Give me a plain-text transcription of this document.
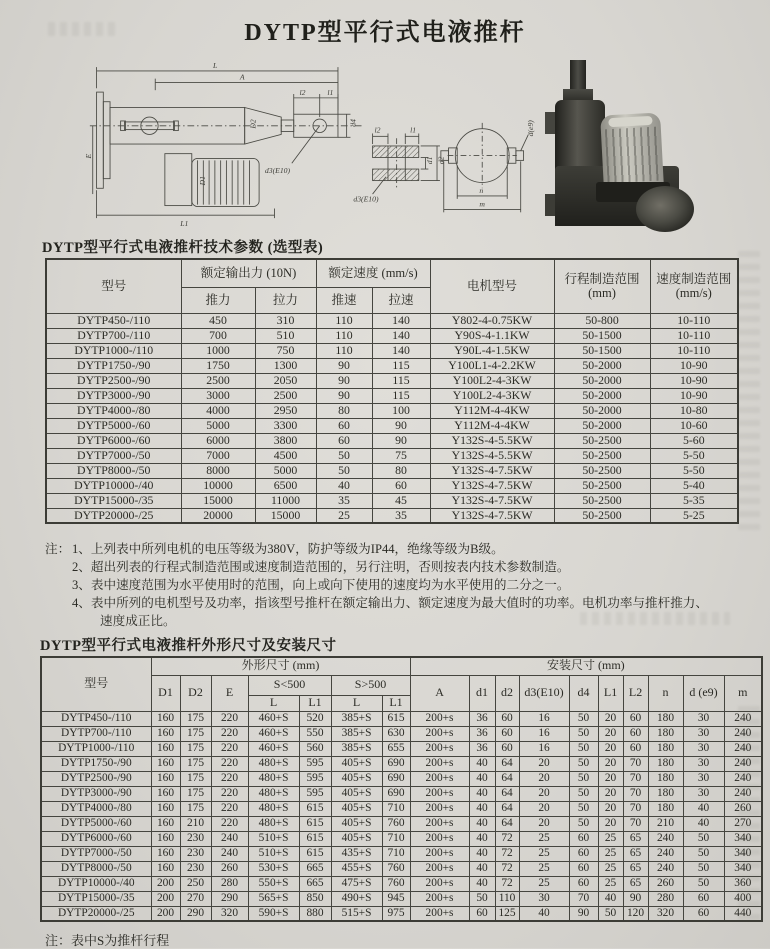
DYTP型平行式电液推杆
L
A
l2	l1
D2	d4
E
D1
L1
d3(E10)
l2	l1
d1 d2
d3(E10)
d(e9)
n
m
DYTP型平行式电液推杆技术参数 (选型表)
型号	额定输出力 (10N)		额定速度 (mm/s)		电机型号	行程制造范围
(mm)	速度制造范围
(mm/s)
	推力	拉力	推速	拉速			
DYTP450-/110	450	310	110	140	Y802-4-0.75KW	50-800	10-110
DYTP700-/110	700	510	110	140	Y90S-4-1.1KW	50-1500	10-110
DYTP1000-/110	1000	750	110	140	Y90L-4-1.5KW	50-1500	10-110
DYTP1750-/90	1750	1300	90	115	Y100L1-4-2.2KW	50-2000	10-90
DYTP2500-/90	2500	2050	90	115	Y100L2-4-3KW	50-2000	10-90
DYTP3000-/90	3000	2500	90	115	Y100L2-4-3KW	50-2000	10-90
DYTP4000-/80	4000	2950	80	100	Y112M-4-4KW	50-2000	10-80
DYTP5000-/60	5000	3300	60	90	Y112M-4-4KW	50-2000	10-60
DYTP6000-/60	6000	3800	60	90	Y132S-4-5.5KW	50-2500	5-60
DYTP7000-/50	7000	4500	50	75	Y132S-4-5.5KW	50-2500	5-50
DYTP8000-/50	8000	5000	50	80	Y132S-4-7.5KW	50-2500	5-50
DYTP10000-/40	10000	6500	40	60	Y132S-4-7.5KW	50-2500	5-40
DYTP15000-/35	15000	11000	35	45	Y132S-4-7.5KW	50-2500	5-35
DYTP20000-/25	20000	15000	25	35	Y132S-4-7.5KW	50-2500	5-25
注： 1、上列表中所列电机的电压等级为380V，防护等级为IP44，绝缘等级为B级。
2、超出列表的行程式制造范围或速度制造范围的，另行注明，否则按表内技术参数制造。
3、表中速度范围为水平使用时的范围，向上或向下使用的速度均为水平使用的二分之一。
4、表中所列的电机型号及功率，指该型号推杆在额定输出力、额定速度为最大值时的功率。电机功率与推杆推力、速度成正比。
DYTP型平行式电液推杆外形尺寸及安装尺寸
型号	外形尺寸 (mm)							安装尺寸 (mm)									
	D1	D2	E	S<500		S>500		A	d1	d2	d3(E10)	d4	L1	L2	n	d (e9)	m
				L	L1	L	L1										
DYTP450-/110	160	175	220	460+S	520	385+S	615	200+s	36	60	16	50	20	60	180	30	240
DYTP700-/110	160	175	220	460+S	550	385+S	630	200+s	36	60	16	50	20	60	180	30	240
DYTP1000-/110	160	175	220	460+S	560	385+S	655	200+s	36	60	16	50	20	60	180	30	240
DYTP1750-/90	160	175	220	480+S	595	405+S	690	200+s	40	64	20	50	20	70	180	30	240
DYTP2500-/90	160	175	220	480+S	595	405+S	690	200+s	40	64	20	50	20	70	180	30	240
DYTP3000-/90	160	175	220	480+S	595	405+S	690	200+s	40	64	20	50	20	70	180	30	240
DYTP4000-/80	160	175	220	480+S	615	405+S	710	200+s	40	64	20	50	20	70	180	40	260
DYTP5000-/60	160	210	220	480+S	615	405+S	760	200+s	40	64	20	50	20	70	210	40	270
DYTP6000-/60	160	230	240	510+S	615	405+S	710	200+s	40	72	25	60	25	65	240	50	340
DYTP7000-/50	160	230	240	510+S	615	435+S	710	200+s	40	72	25	60	25	65	240	50	340
DYTP8000-/50	160	230	260	530+S	665	455+S	760	200+s	40	72	25	60	25	65	240	50	340
DYTP10000-/40	200	250	280	550+S	665	475+S	760	200+s	40	72	25	60	25	65	260	50	360
DYTP15000-/35	200	270	290	565+S	850	490+S	945	200+s	50	110	30	70	40	90	280	60	400
DYTP20000-/25	200	290	320	590+S	880	515+S	975	200+s	60	125	40	90	50	120	320	60	440
注：表中S为推杆行程
